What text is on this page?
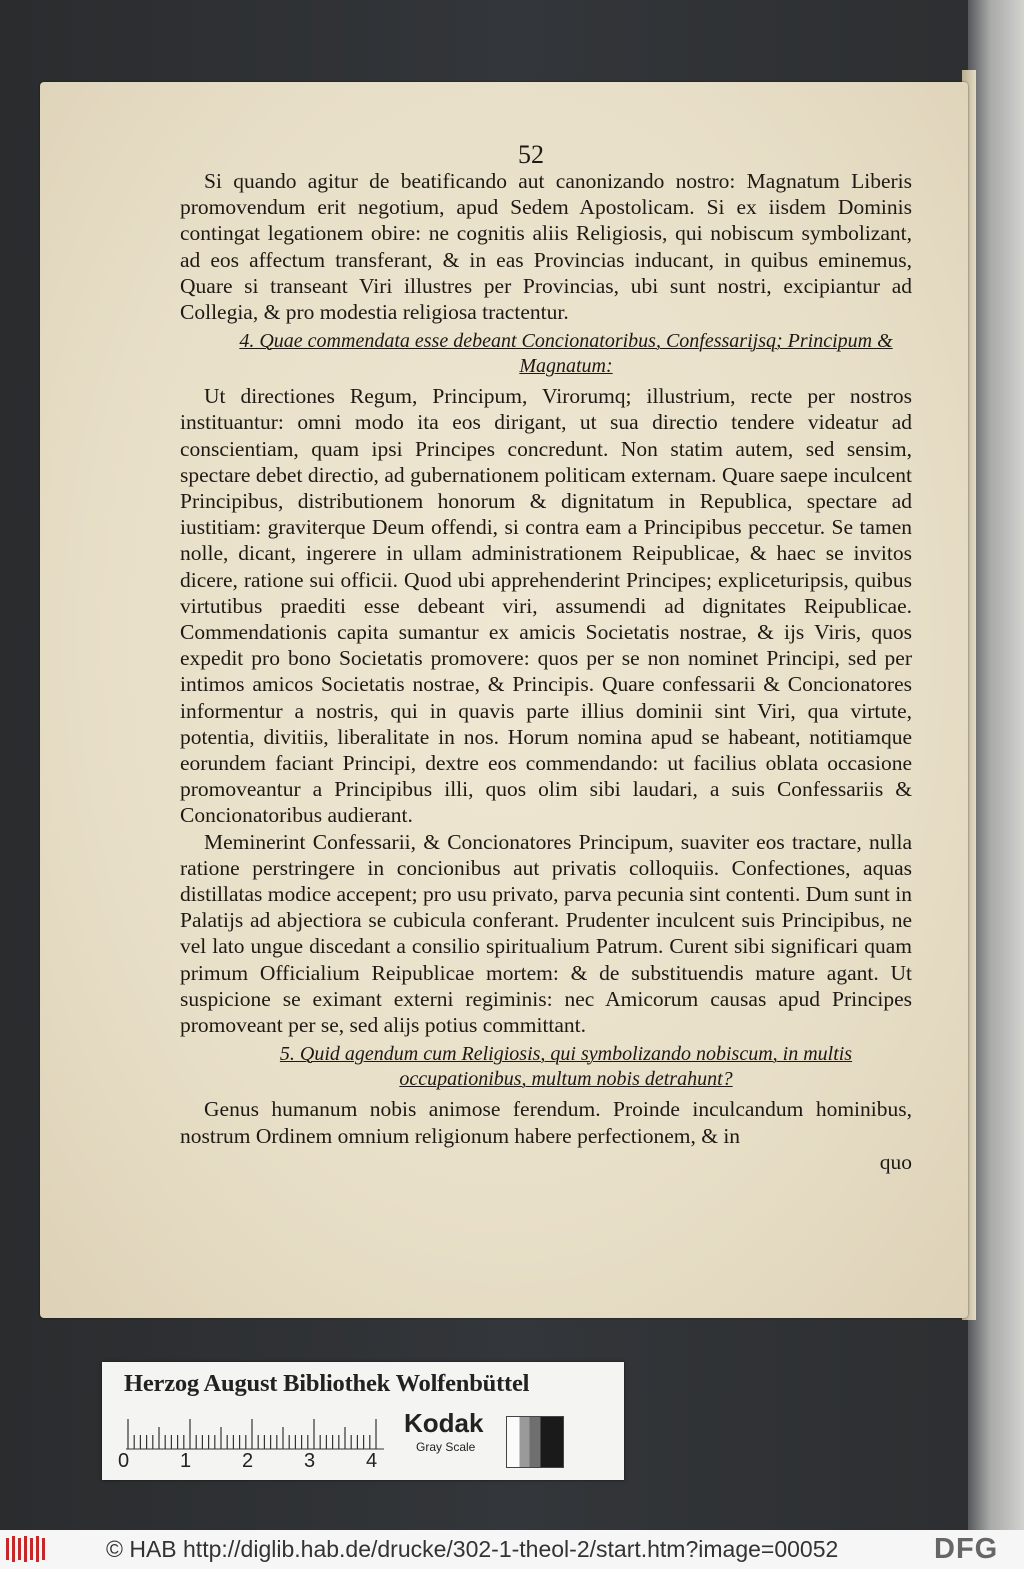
52

Si quando agitur de beatificando aut canonizando nostro: Magnatum Liberis promovendum erit negotium, apud Sedem Apostolicam. Si ex iisdem Dominis contingat legationem obire: ne cognitis aliis Religiosis, qui nobiscum symbolizant, ad eos affectum transferant, & in eas Provincias inducant, in quibus eminemus, Quare si transeant Viri illustres per Provincias, ubi sunt nostri, excipiantur ad Collegia, & pro modestia religiosa tractentur.

4. Quae commendata esse debeant Concionatoribus, Confessarijsq; Principum & Magnatum:

Ut directiones Regum, Principum, Virorumq; illustrium, recte per nostros instituantur: omni modo ita eos dirigant, ut sua directio tendere videatur ad conscientiam, quam ipsi Principes concredunt. Non statim autem, sed sensim, spectare debet directio, ad gubernationem politicam externam. Quare saepe inculcent Principibus, distributionem honorum & dignitatum in Republica, spectare ad iustitiam: graviterque Deum offendi, si contra eam a Principibus peccetur. Se tamen nolle, dicant, ingerere in ullam administrationem Reipublicae, & haec se invitos dicere, ratione sui officii. Quod ubi apprehenderint Principes; expliceturipsis, quibus virtutibus praediti esse debeant viri, assumendi ad dignitates Reipublicae. Commendationis capita sumantur ex amicis Societatis nostrae, & ijs Viris, quos expedit pro bono Societatis promovere: quos per se non nominet Principi, sed per intimos amicos Societatis nostrae, & Principis. Quare confessarii & Concionatores informentur a nostris, qui in quavis parte illius dominii sint Viri, qua virtute, potentia, divitiis, liberalitate in nos. Horum nomina apud se habeant, notitiamque eorundem faciant Principi, dextre eos commendando: ut facilius oblata occasione promoveantur a Principibus illi, quos olim sibi laudari, a suis Confessariis & Concionatoribus audierant.

Meminerint Confessarii, & Concionatores Principum, suaviter eos tractare, nulla ratione perstringere in concionibus aut privatis colloquiis. Confectiones, aquas distillatas modice accepent; pro usu privato, parva pecunia sint contenti. Dum sunt in Palatijs ad abjectiora se cubicula conferant. Prudenter inculcent suis Principibus, ne vel lato ungue discedant a consilio spiritualium Patrum. Curent sibi significari quam primum Officialium Reipublicae mortem: & de substituendis mature agant. Ut suspicione se eximant externi regiminis: nec Amicorum causas apud Principes promoveant per se, sed alijs potius committant.

5. Quid agendum cum Religiosis, qui symbolizando nobiscum, in multis occupationibus, multum nobis detrahunt?

Genus humanum nobis animose ferendum. Proinde inculcandum hominibus, nostrum Ordinem omnium religionum habere perfectionem, & in

quo

Herzog August Bibliothek Wolfenbüttel
0	1	2	3	4
Kodak
Gray Scale
© HAB http://diglib.hab.de/drucke/302-1-theol-2/start.htm?image=00052	DFG
